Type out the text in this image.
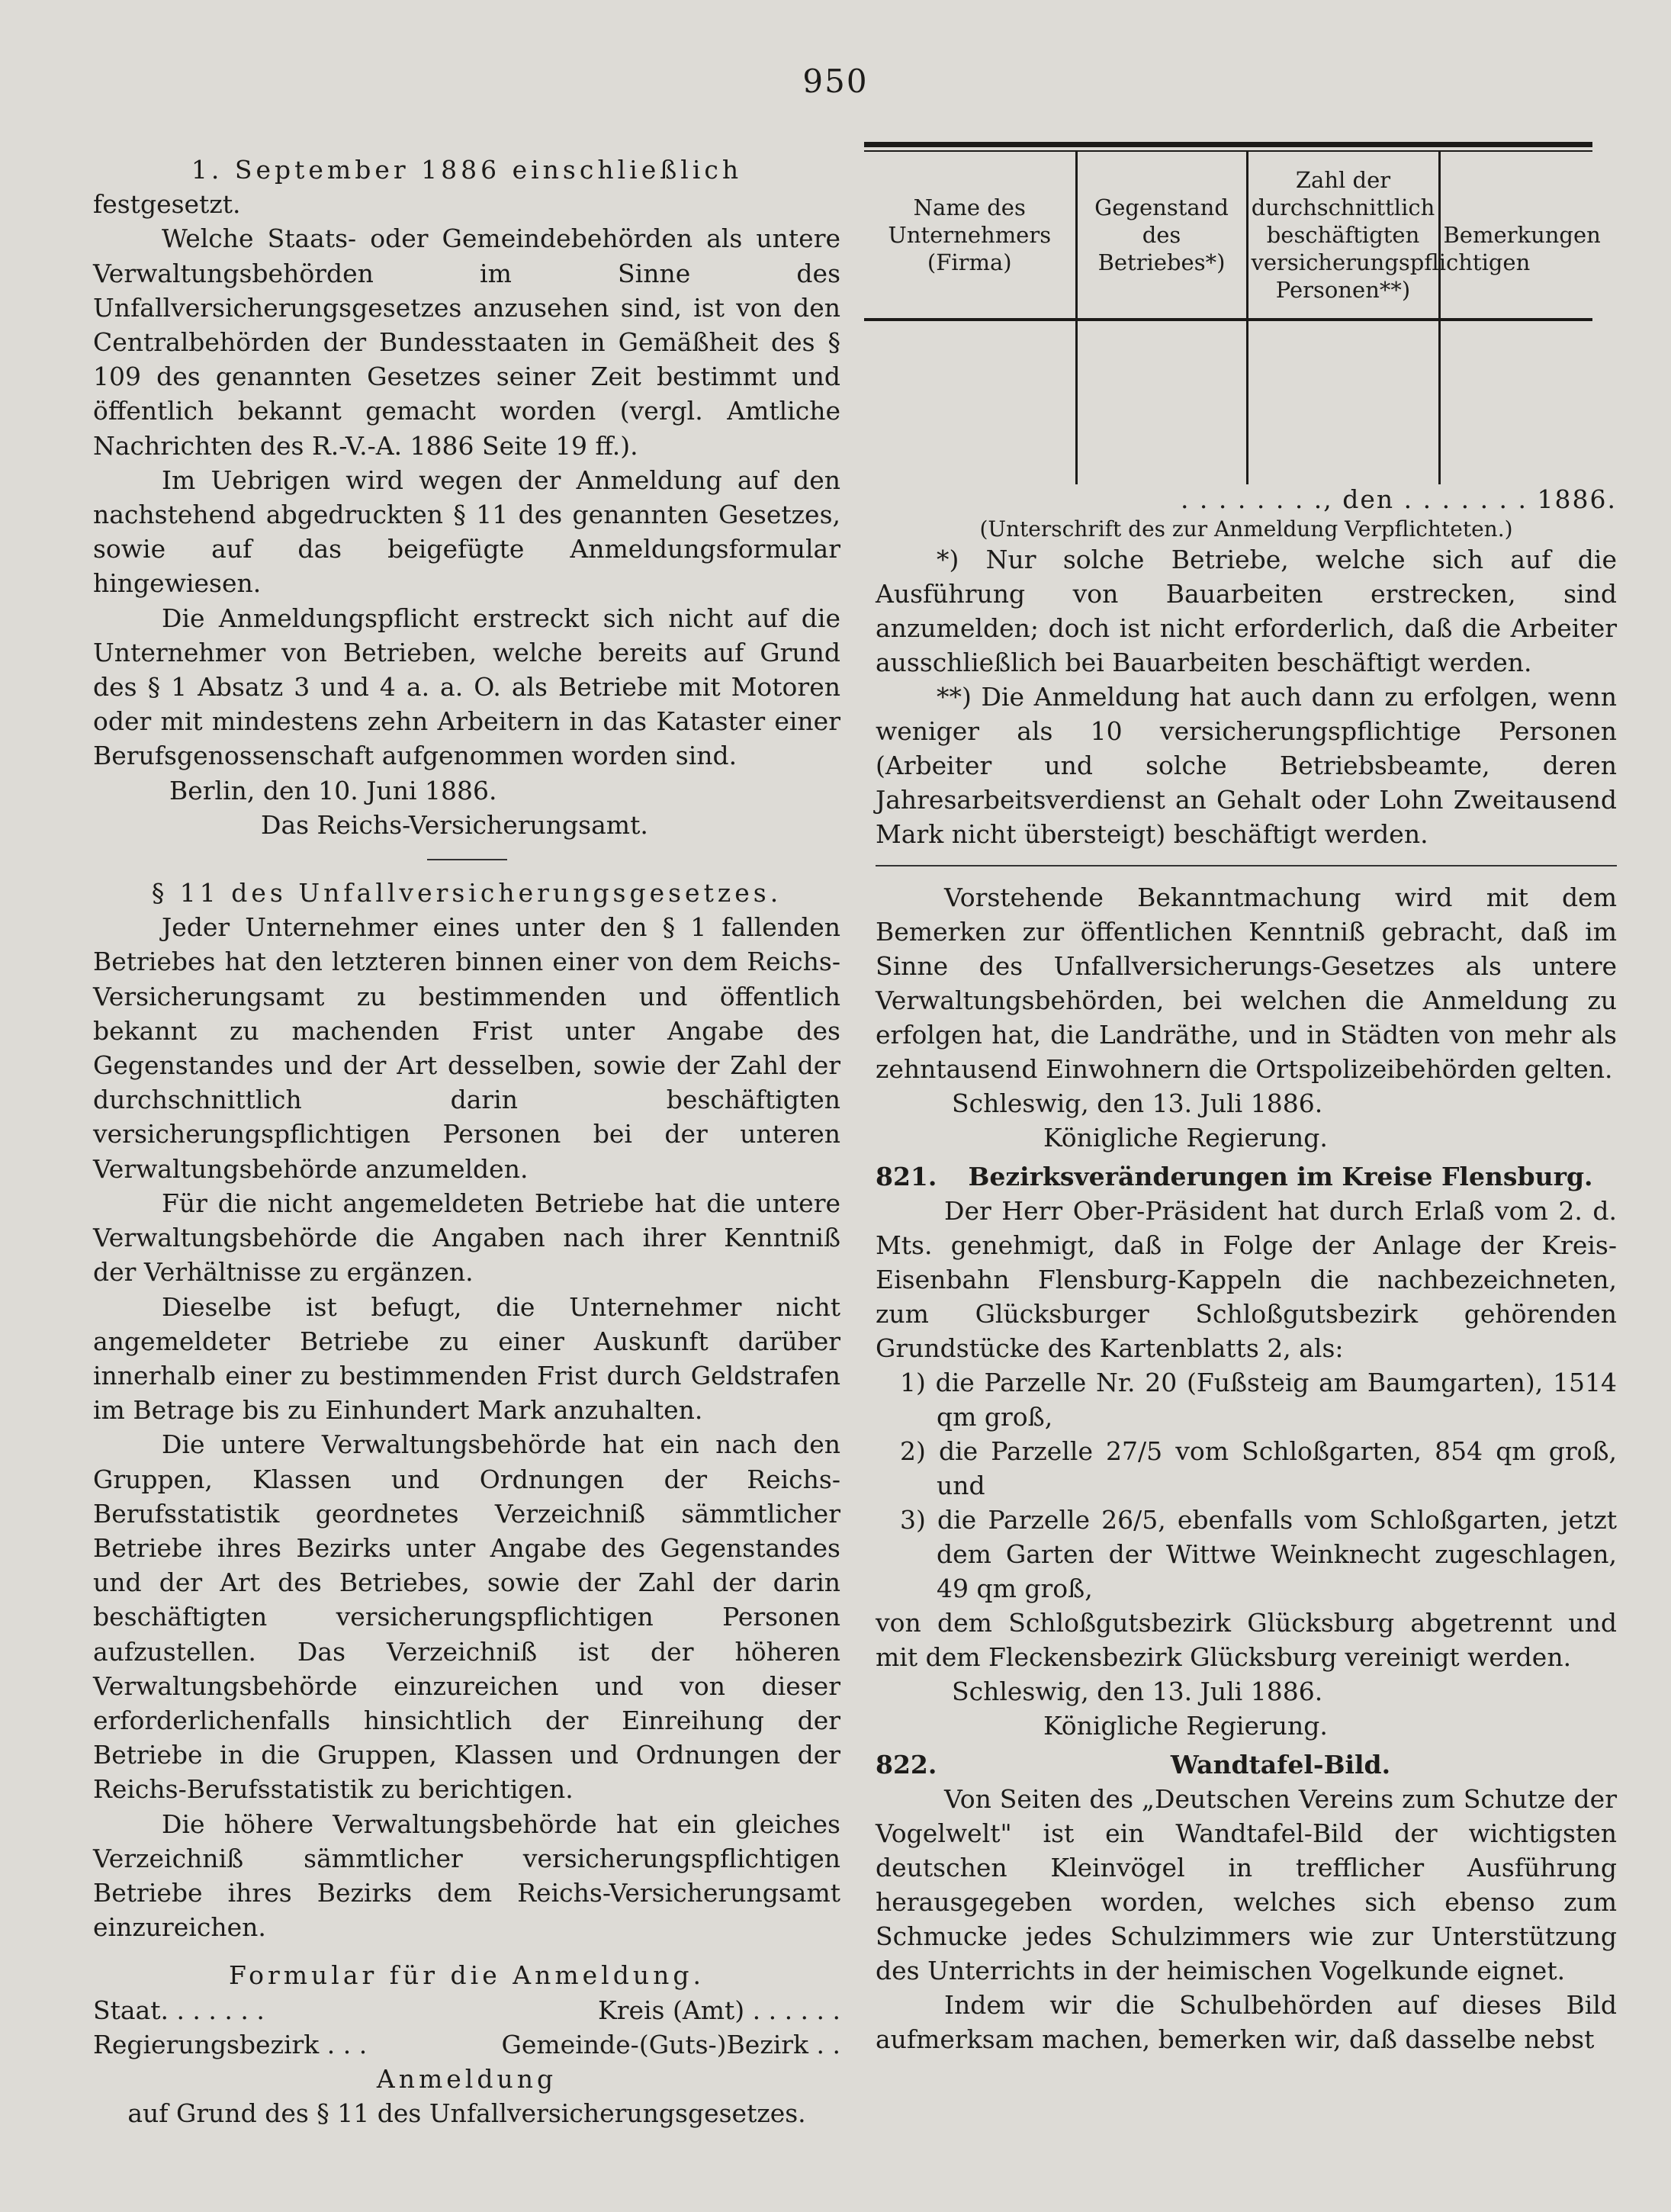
950

1. September 1886 einschließlich

festgesetzt.

Welche Staats- oder Gemeindebehörden als untere Verwaltungsbehörden im Sinne des Unfallversicherungsgesetzes anzusehen sind, ist von den Centralbehörden der Bundesstaaten in Gemäßheit des § 109 des genannten Gesetzes seiner Zeit bestimmt und öffentlich bekannt gemacht worden (vergl. Amtliche Nachrichten des R.-V.-A. 1886 Seite 19 ff.).

Im Uebrigen wird wegen der Anmeldung auf den nachstehend abgedruckten § 11 des genannten Gesetzes, sowie auf das beigefügte Anmeldungsformular hingewiesen.

Die Anmeldungspflicht erstreckt sich nicht auf die Unternehmer von Betrieben, welche bereits auf Grund des § 1 Absatz 3 und 4 a. a. O. als Betriebe mit Motoren oder mit mindestens zehn Arbeitern in das Kataster einer Berufsgenossenschaft aufgenommen worden sind.

Berlin, den 10. Juni 1886.

Das Reichs-Versicherungsamt.

§ 11 des Unfallversicherungsgesetzes.

Jeder Unternehmer eines unter den § 1 fallenden Betriebes hat den letzteren binnen einer von dem Reichs-Versicherungsamt zu bestimmenden und öffentlich bekannt zu machenden Frist unter Angabe des Gegenstandes und der Art desselben, sowie der Zahl der durchschnittlich darin beschäftigten versicherungspflichtigen Personen bei der unteren Verwaltungsbehörde anzumelden.

Für die nicht angemeldeten Betriebe hat die untere Verwaltungsbehörde die Angaben nach ihrer Kenntniß der Verhältnisse zu ergänzen.

Dieselbe ist befugt, die Unternehmer nicht angemeldeter Betriebe zu einer Auskunft darüber innerhalb einer zu bestimmenden Frist durch Geldstrafen im Betrage bis zu Einhundert Mark anzuhalten.

Die untere Verwaltungsbehörde hat ein nach den Gruppen, Klassen und Ordnungen der Reichs-Berufsstatistik geordnetes Verzeichniß sämmtlicher Betriebe ihres Bezirks unter Angabe des Gegenstandes und der Art des Betriebes, sowie der Zahl der darin beschäftigten versicherungspflichtigen Personen aufzustellen. Das Verzeichniß ist der höheren Verwaltungsbehörde einzureichen und von dieser erforderlichenfalls hinsichtlich der Einreihung der Betriebe in die Gruppen, Klassen und Ordnungen der Reichs-Berufsstatistik zu berichtigen.

Die höhere Verwaltungsbehörde hat ein gleiches Verzeichniß sämmtlicher versicherungspflichtigen Betriebe ihres Bezirks dem Reichs-Versicherungsamt einzureichen.

Formular für die Anmeldung.

Staat. . . . . . .	Kreis (Amt) . . . . . .
Regierungsbezirk . . .	Gemeinde-(Guts-)Bezirk . .

Anmeldung

auf Grund des § 11 des Unfallversicherungsgesetzes.

Name des Unternehmers (Firma)	Gegenstand des Betriebes*)	Zahl der durchschnittlich beschäftigten versicherungspflichtigen Personen**)	Bemerkungen

. . . . . . . ., den . . . . . . . 1886.

(Unterschrift des zur Anmeldung Verpflichteten.)

*) Nur solche Betriebe, welche sich auf die Ausführung von Bauarbeiten erstrecken, sind anzumelden; doch ist nicht erforderlich, daß die Arbeiter ausschließlich bei Bauarbeiten beschäftigt werden.

**) Die Anmeldung hat auch dann zu erfolgen, wenn weniger als 10 versicherungspflichtige Personen (Arbeiter und solche Betriebsbeamte, deren Jahresarbeitsverdienst an Gehalt oder Lohn Zweitausend Mark nicht übersteigt) beschäftigt werden.

Vorstehende Bekanntmachung wird mit dem Bemerken zur öffentlichen Kenntniß gebracht, daß im Sinne des Unfallversicherungs-Gesetzes als untere Verwaltungsbehörden, bei welchen die Anmeldung zu erfolgen hat, die Landräthe, und in Städten von mehr als zehntausend Einwohnern die Ortspolizeibehörden gelten.

Schleswig, den 13. Juli 1886.

Königliche Regierung.

821.	Bezirksveränderungen im Kreise Flensburg.

Der Herr Ober-Präsident hat durch Erlaß vom 2. d. Mts. genehmigt, daß in Folge der Anlage der Kreis-Eisenbahn Flensburg-Kappeln die nachbezeichneten, zum Glücksburger Schloßgutsbezirk gehörenden Grundstücke des Kartenblatts 2, als:

1) die Parzelle Nr. 20 (Fußsteig am Baumgarten), 1514 qm groß,

2) die Parzelle 27/5 vom Schloßgarten, 854 qm groß, und

3) die Parzelle 26/5, ebenfalls vom Schloßgarten, jetzt dem Garten der Wittwe Weinknecht zugeschlagen, 49 qm groß,

von dem Schloßgutsbezirk Glücksburg abgetrennt und mit dem Fleckensbezirk Glücksburg vereinigt werden.

Schleswig, den 13. Juli 1886.

Königliche Regierung.

822.	Wandtafel-Bild.

Von Seiten des „Deutschen Vereins zum Schutze der Vogelwelt" ist ein Wandtafel-Bild der wichtigsten deutschen Kleinvögel in trefflicher Ausführung herausgegeben worden, welches sich ebenso zum Schmucke jedes Schulzimmers wie zur Unterstützung des Unterrichts in der heimischen Vogelkunde eignet.

Indem wir die Schulbehörden auf dieses Bild aufmerksam machen, bemerken wir, daß dasselbe nebst
